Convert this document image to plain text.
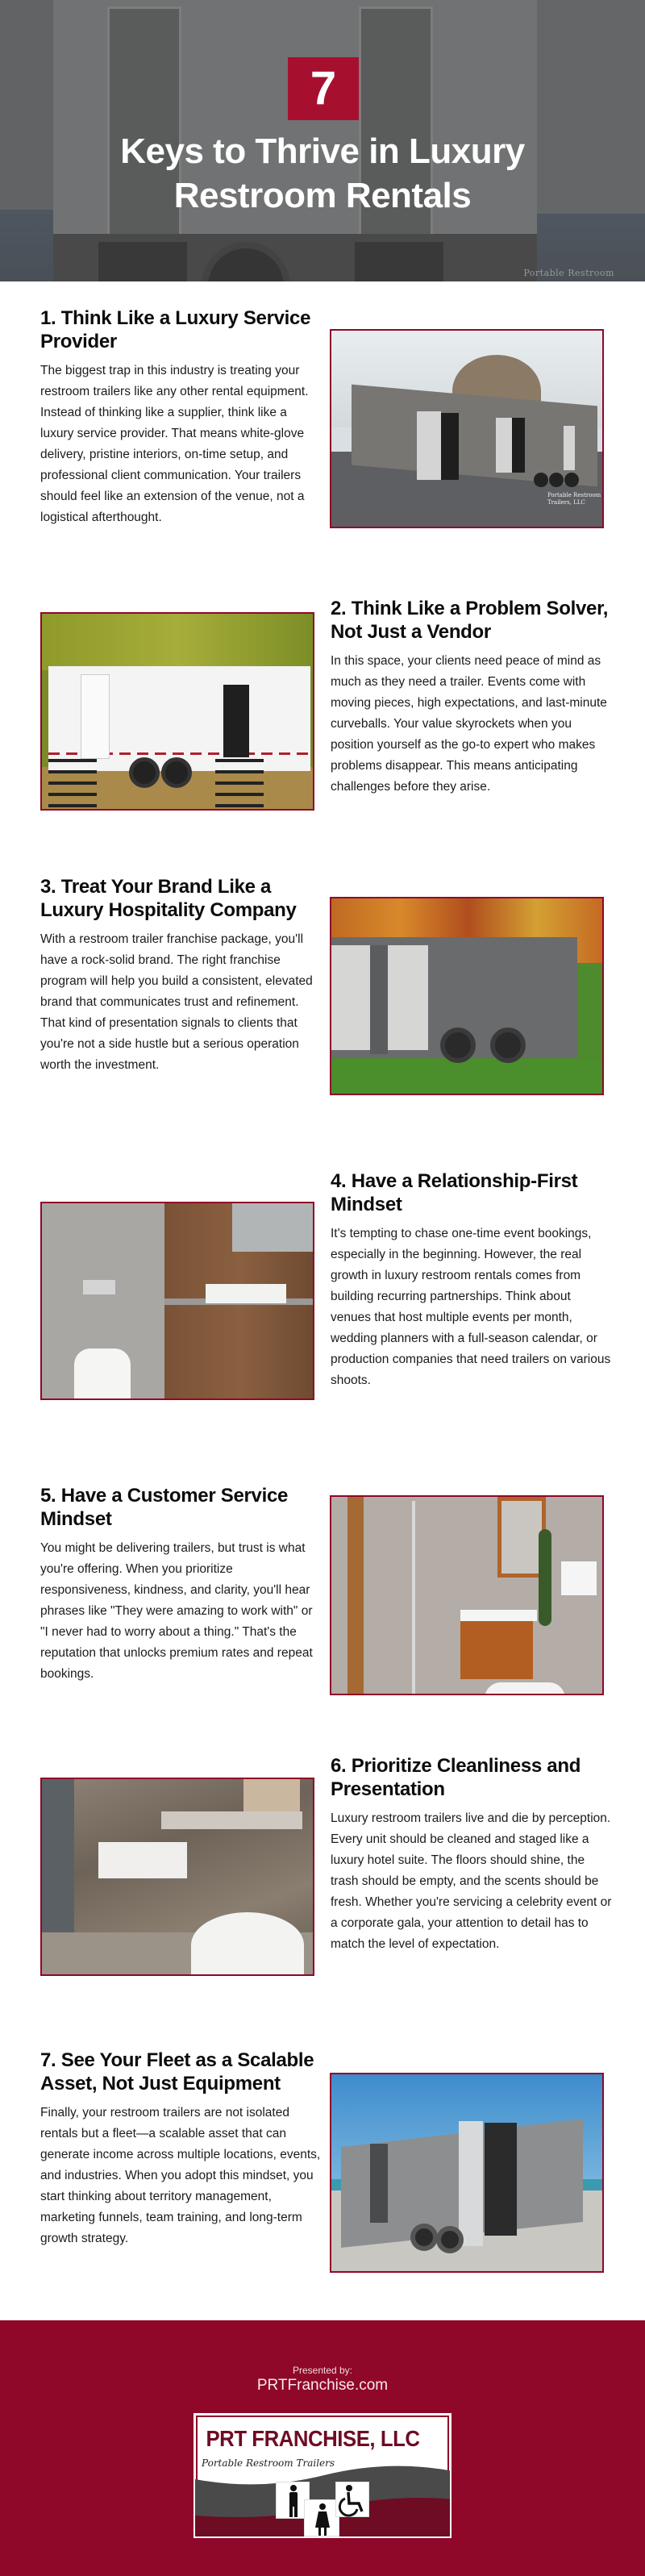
Portable Restroom
7
Keys to Thrive in Luxury
Restroom Rentals
1. Think Like a Luxury Service Provider

The biggest trap in this industry is treating your restroom trailers like any other rental equipment. Instead of thinking like a supplier, think like a luxury service provider. That means white-glove delivery, pristine interiors, on-time setup, and professional client communication. Your trailers should feel like an extension of the venue, not a logistical afterthought.

Portable Restroom Trailers, LLC
2. Think Like a Problem Solver, Not Just a Vendor

In this space, your clients need peace of mind as much as they need a trailer. Events come with moving pieces, high expectations, and last-minute curveballs. Your value skyrockets when you position yourself as the go-to expert who makes problems disappear. This means anticipating challenges before they arise.

3. Treat Your Brand Like a Luxury Hospitality Company

With a restroom trailer franchise package, you'll have a rock-solid brand. The right franchise program will help you build a consistent, elevated brand that communicates trust and refinement. That kind of presentation signals to clients that you're not a side hustle but a serious operation worth the investment.

4. Have a Relationship-First Mindset

It's tempting to chase one-time event bookings, especially in the beginning. However, the real growth in luxury restroom rentals comes from building recurring partnerships. Think about venues that host multiple events per month, wedding planners with a full-season calendar, or production companies that need trailers on various shoots.

5. Have a Customer Service Mindset

You might be delivering trailers, but trust is what you're offering. When you prioritize responsiveness, kindness, and clarity, you'll hear phrases like "They were amazing to work with" or "I never had to worry about a thing." That's the reputation that unlocks premium rates and repeat bookings.

6. Prioritize Cleanliness and Presentation

Luxury restroom trailers live and die by perception. Every unit should be cleaned and staged like a luxury hotel suite. The floors should shine, the trash should be empty, and the scents should be fresh. Whether you're servicing a celebrity event or a corporate gala, your attention to detail has to match the level of expectation.

7. See Your Fleet as a Scalable Asset, Not Just Equipment

Finally, your restroom trailers are not isolated rentals but a fleet—a scalable asset that can generate income across multiple locations, events, and industries. When you adopt this mindset, you start thinking about territory management, marketing funnels, team training, and long-term growth strategy.

Presented by:
PRTFranchise.com
PRT FRANCHISE, LLC
Portable Restroom Trailers
